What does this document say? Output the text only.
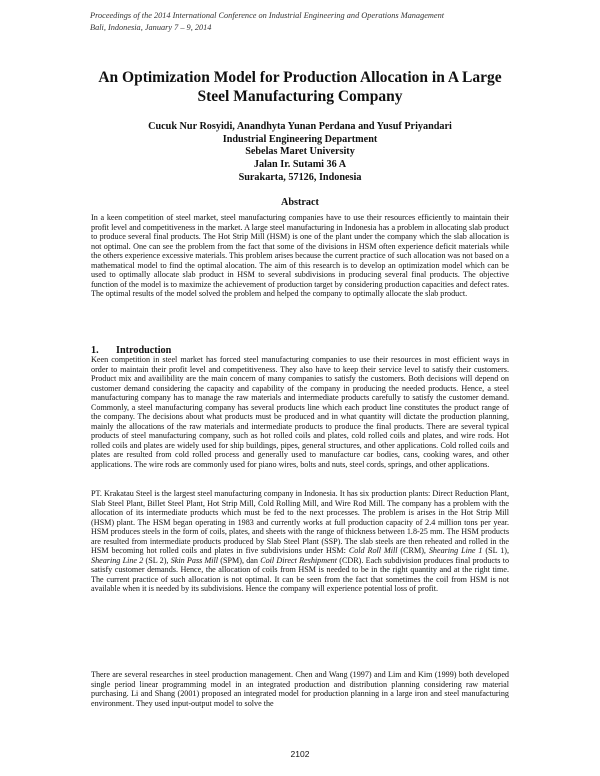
Proceedings of the 2014 International Conference on Industrial Engineering and Operations Management
Bali, Indonesia, January 7 – 9, 2014
An Optimization Model for Production Allocation in A Large
Steel Manufacturing Company
Cucuk Nur Rosyidi, Anandhyta Yunan Perdana and Yusuf Priyandari
Industrial Engineering Department
Sebelas Maret University
Jalan Ir. Sutami 36 A
Surakarta, 57126, Indonesia
Abstract

In a keen competition of steel market, steel manufacturing companies have to use their resources efficiently to maintain their profit level and competitiveness in the market. A large steel manufacturing in Indonesia has a problem in allocating slab product to produce several final products. The Hot Strip Mill (HSM) is one of the plant under the company which the slab allocation is not optimal. One can see the problem from the fact that some of the divisions in HSM often experience deficit materials while the others experience excessive materials. This problem arises because the current practice of such allocation was not based on a mathematical model to find the optimal alocation. The aim of this research is to develop an optimization model which can be used to optimally allocate slab product in HSM to several subdivisions in producing several final products. The objective function of the model is to maximize the achievement of production target by considering production capacities and defect rates. The optimal results of the model solved the problem and helped the company to optimally allocate the slab product.

1. Introduction

Keen competition in steel market has forced steel manufacturing companies to use their resources in most efficient ways in order to maintain their profit level and competitiveness. They also have to keep their service level to satisfy their customers. Product mix and availibility are the main concern of many companies to satisfy the customers. Both decisions will depend on customer demand considering the capacity and capability of the company in producing the needed products. Hence, a steel manufacturing company has to manage the raw materials and intermediate products carefully to satisfy the customer demand. Commonly, a steel manufacturing company has several products line which each product line constitutes the product range of the company. The decisions about what products must be produced and in what quantity will dictate the production planning, mainly the allocations of the raw materials and intermediate products to produce the final products. There are several typical products of steel manufacturing company, such as hot rolled coils and plates, cold rolled coils and plates, and wire rods. Hot rolled coils and plates are widely used for ship buildings, pipes, general structures, and other applications. Cold rolled coils and plates are resulted from cold rolled process and generally used to manufacture car bodies, cans, cooking wares, and other applications. The wire rods are commonly used for piano wires, bolts and nuts, steel cords, springs, and other applications.

PT. Krakatau Steel is the largest steel manufacturing company in Indonesia. It has six production plants: Direct Reduction Plant, Slab Steel Plant, Billet Steel Plant, Hot Strip Mill, Cold Rolling Mill, and Wire Rod Mill. The company has a problem with the allocation of its intermediate products which must be fed to the next processes. The problem is arises in the Hot Strip Mill (HSM) plant. The HSM began operating in 1983 and currently works at full production capacity of 2.4 million tons per year. HSM produces steels in the form of coils, plates, and sheets with the range of thickness between 1.8-25 mm. The HSM products are resulted from intermediate products produced by Slab Steel Plant (SSP). The slab steels are then reheated and rolled in the HSM becoming hot rolled coils and plates in five subdivisions under HSM: Cold Roll Mill (CRM), Shearing Line 1 (SL 1), Shearing Line 2 (SL 2), Skin Pass Mill (SPM), dan Coil Direct Reshipment (CDR). Each subdivision produces final products to satisfy customer demands. Hence, the allocation of coils from HSM is needed to be in the right quantity and at the right time. The current practice of such allocation is not optimal. It can be seen from the fact that sometimes the coil from HSM is not available when it is needed by its subdivisions. Hence the company will experience potential loss of profit.

There are several researches in steel production management. Chen and Wang (1997) and Lim and Kim (1999) both developed single period linear programming model in an integrated production and distribution planning considering raw material purchasing. Li and Shang (2001) proposed an integrated model for production planning in a large iron and steel manufacturing environment. They used input-output model to solve the

2102
